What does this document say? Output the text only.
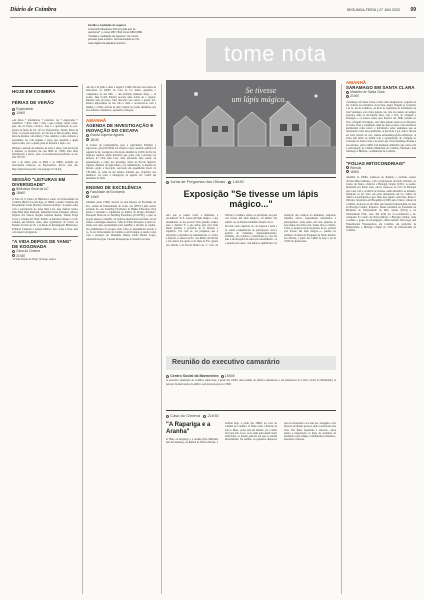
Diário de Coimbra	SEGUNDA-FEIRA | 27 JUN 2022 09
Gestão e mediação de seguros
A Caminho Business School pede que se
posicione*: o curso MIN YINA Curso MINI MBA
"Gestão e mediação de seguros" com início
previsto para outubro. Será lecionado em for-
mato digital via plataforma Zoom.	tome nota
HOJE EM COIMBRA
FÉRIAS DE VERÃO
Exploratório
10h00

«As férias + infomáticas + construti- vas + engraçadas + científicas + diver- tidas + tudo o que a imagi- nação conse- guir, são no Explo- ratório». Este é o apresentação do pro- grama de férias de Ve- rão no Exploratório. Nestas férias de verão, os jovens explorado- res vão até ao fim de junho, muito mais de desafios com ciência + ma- temática, como conhecer e experimen- tar com páginas e jogos que agradam a quem aprecia ciên- cia e a quem gosta de inventar e explo- rar.

Durante o período de semanas, de sexta a sexta, com inscrições à semana, os horários são das 9h00 às 17h30. Para mais informações e inscri- ções: www.exploratorio.pt/ferias ou tel. 239 703 797.

Até 1 de Julho, entre as 9h00 e as 18h00, poderão ser descobertas «marcas» no Exploratório. Inscri- ções em: http://exploratorio.pt/fe- rias (Apagar 27.10 #2).

SESSÃO "LEITURAS EM DIVERSIDADE"
Biblioteca Geral da UC
18h00

A Sala de S. Pedro da Biblioteca Geral da Universidade de Coimbra (BGUC) recebe hoje, às 18h00, a sessão "Leituras em Diversidade: Vozes (Portas) e Pessoas de Hoje". A sessão conta com a participação de Jorge Ruiz Lara, Ana Zamora Serna, Irene Bain Ruiz Ramonal, Almudena Perez Paniagua, Alberto Teijeira dos Santos, Regina Sanchez Ruelas, Sabela Fraga Costa e Cristina del Villar Toribio. A iniciativa integra o Ciclo Leituras em Diversi- dade, uma organização do Centro de Estudos Sociais da UC e da Rede de Investigação Bibliotecas, Políticas Culturais e Leitura Pública. Ker- trada é livre, mas com reserva obrigatória.

"A VIDA DEPOIS DE YANG" DE KOGONADA
Casa do Cinema
21h30

"A Vida Depois de Yang" de Koge- nada é

Até dia 2 de julho é dado a seguir à 15h00. Decorre nas noites de sexta-feira, às 22h30, na Casa do Ci- nema. «Quando o computador do seu filho — um andróide chamado Yang — se avaria, Jake (Colin Farrell) procura uma forma de o reparar. Durante esse processo, Jake descobre que estava a perder mo- mentos importantes da sua vida e tenta a reconectar-se com a mulher e a filha, através de uma viagem por tando distâncias que dos enfrenta a memória», apresenta a sinopse.

AMANHÃ
AGENDA DE INVESTIGAÇÃO E INOVAÇÃO DO CECAFA
Escola Superior Agrária
11h30

O Centro de Competências para a Agricultura Familiar e Agroecolo- gia (CECAFA) vai realizar a apre- sentação pública da Agenda de In- vestigação e Inovação amanhã, às 11h30, na Escola Superior Agrária, numa iniciativa que conta com a presença da diretora do CEA Inês Leal. Será efectuada uma sessão de apresentação a cargo dos investiga- dores da Escola Superior Agrária, ministra da Agricultura e da Alimentação. A Agenda de Investi- gação e Inovação, aprovada em Assembleia Geral do CECAFA, re- sulta de um intenso trabalho par- ticipativo dos membros, tal como a divulgação da agenda CE- CAFA em dezembro de 2021.

ENSINO DE EXCELÊNCIA
Faculdade de Economia
14h00

Amanhã, pelas 15h00, decorre na sala Keynes da Faculdade de Eco- nomia da Universidade de Coim- bra (FEUC) uma sessão evitando ho- me Teaching Excellence in Higher Education. Esta sessão é realizada e organizada no âmbito do Projeto Erasmus+ European Network on Teaching Excellence (E-NOTE), o qual se propõe mapear e identifi- car práticas inspiradoras em maté- ria de ensino e estratégias desenvol- vidas na União Europeia. A mesa re- donda terá uma oportunidade para partilhar e discutir os resulta- dos preliminares do projeto, bem como as experiências levado a ca- bo na Universidade de Coimbra e em Portugal. A sessão conta com a presença de: Madalena Duarte, Paulo Duarte Lopes, Alexandre Koogan, Cristina Albuquerque e Cláudia Cercadas.

Se tivesse
um lápis mágico...
Junta de Freguesia dos Olivais 14h30
Exposição "Se tivesse um lápis mágico..."

«Do que te pensar sobre a Ambiente e reconhecer? Se ti- vesses um lápis mágico, o que desenharias ou tua escola? Tens grandes sonhos para o mundo? E o que farias pela rua? Tens ideias grandes e gostarias de as mostrar a alguém?». Foi com es- tas perguntas que a exposição e iniciativa de sensibilização co- letiva é lançada, os alunos da Es- cola Básica de Olivais e dos alunos das quais os da Junta de Fre- guesia dos Olivais e da Escola Básica do 1.º ciclo de Olivais e Coimbra, eleitos os participan- tes para «Se tivesse um lápis mágico», na âmbito das temáti- cas de Desenvolvimento Susten- tável.

Ela tem como objetivos da- do resposta a estas e de outras competências de participação cívica, espírito de cidadania, empreendedorismo, mobiliza- ção coletiva e criatividade so- cial. Os pais e encarregados de educação sensibilizam - os e pedem para expor, com impacto significativo na formação das crianças da Ambiente, respostas, cidadãos ativos, respondendo informados e participativos. Cada aluno, em casa, expressa as suas ideias da forma total- mente livre e criativa. Todos os projetos serão mostrados na ex- posição «Se tivesse um lápis mágico...», patente no auditório da Junta de Freguesia de Santo António dos Olivais, a partir das 14h30 de hoje e até às 17h30 de quarta-feira.

Reunião do executivo camarário
Centro Social da Marmeleira 15h00

O executivo municipal de Coimbra reúne hoje, à partir das 15h00, uma reunião de efetivos suburbanos e nas instalações do Centro Social da Marmeleira, O período de intervenção do público está marcado para as 17h00.

Casa do Cinema 21h30
"A Rapariga e a Aranha"

O filme «A Rapariga e a Aranha (Das Mädchen und die Spinne)», de Ramon & Silvan Zürcher, é exibido hoje, a partir das 18h00, na Casa do Cinema de Coimbra. O filme conta a história de Lisa e Mara, «Lisa está em mudan- ças e Mara fica para trás. A fes- ta de saída num ateliê vendo desbobado, ao mesmo período em que se sentem mortalidades. Na reunião, os pequenos despertos que se sobrepõem e aos seus per- sonagens, e são motivos de muitas pessoas, tudo é arrefecido pela vida. Um filme trepidante e amoroso, sobre desejo e inseparação ao meio de aventuras de momentos para sempre e infinidades profundas», apresenta a sinopse.

AMANHÃ
SARAMAGO EM SANTA CLARA
Mosteiro de Santa Clara
21h00

«Saramago em Santa Clara» é uma visita integrada no conjunto de ini- ciativas do centenário «José Sara- mago: Viagem ao Convento e às sa- ias de Coimbra», da Rota do centenário do nascimento de José Saramago, esta visita guiada con- vite do passeio de antigos nascidos onde se encontram sítios com o livro de «Viagem a Portugal» e os passos dados pelo Escritor em 1980, narrada no livro «Viagem a Portugal», esta visita guiada centra-se no Mosteiro de Santa Clara e contempla, além de outros pontos com relevância patrimonial como relevo e informação sobre elementos que se relacionam como este património. A inscrição é gra- tuita e deverá ser feita através de cen- tenario.sarsaramago@cm-coimbra.pt. A visita tem início às 21h00 com a apresentação de «Viagem ao Convento de Santa Clara e de partes que viveu Saramago durante a sua estadia», pelas 21h00. Um momento simbólico que conta com a participação da Câmara Municipal de Coimbra, Fundação José Saramago e Bibliote- ca Municipal de Coimbra.

"FOLIAS MITOCONDRIAIS"
Rómulo
18h00

Amanhã, às 18h00, realiza-se no Rómulo o próximo evento «Folias Mitocondriais», com a participação de Paulo Oliveira, do Centro de Neuro- ciências e Biologia Celular (CNC). A sessão, moderada por Paulo Gon- çalves, insere-se no ciclo de Biologia que conta com o «Ciência às Sextas», numa iniciativa do Rómulo, destinado ao pú- blico em geral interessado em tra- balhos de ciência. A participação é gra- tuita, mas sujeita a inscrição. Paulo J. Oliveira, licenciado em Bioquímica (1995) pela Univer- sidade de Coimbra, doutorou-se em 2002, pela mesma Universidade, na área da Biologia Celular. Posterior- mente trabalhou na Faculdade de Medicina da Universidade de Min- nesota (EUA) e na Universidade Fran- cesa. Em 2019 foi co-coordenador e in- vestigador do Centro de Neurociências e Biologia Celular, onde coordena o grupo de investigação «Mitocondrial Toxicology and Experimental Therapeutics» em Coimbra, em particular de Metabolismo e Biologia Celular no CNC da Universidade de Coimbra.
